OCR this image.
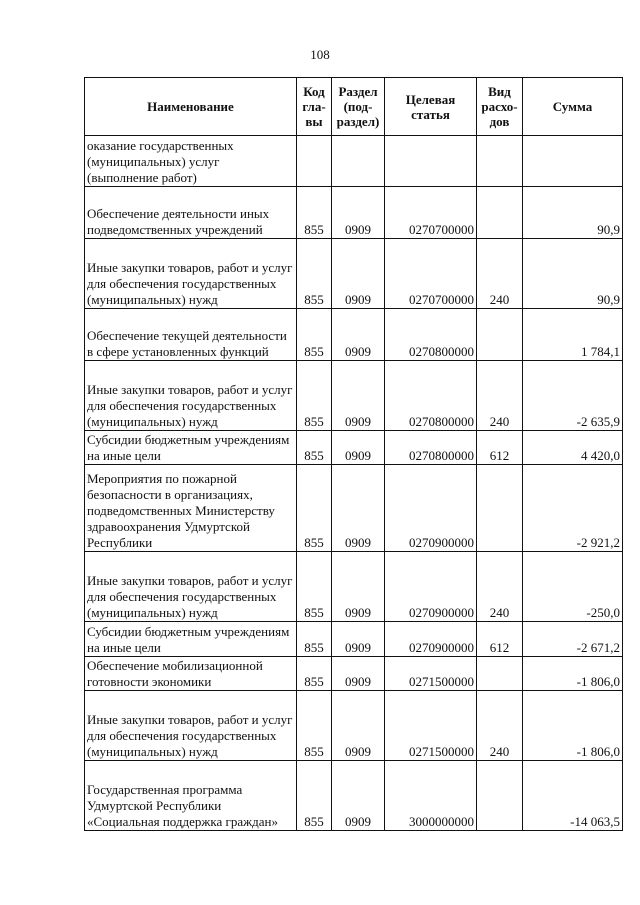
108
Наименование	Код гла- вы	Раздел (под- раздел)	Целевая статья	Вид расхо- дов	Сумма
оказание государственных (муниципальных) услуг (выполнение работ)					
Обеспечение деятельности иных подведомственных учреждений	855	0909	0270700000		90,9
Иные закупки товаров, работ и услуг для обеспечения государственных (муниципальных) нужд	855	0909	0270700000	240	90,9
Обеспечение текущей деятельности в сфере установленных функций	855	0909	0270800000		1 784,1
Иные закупки товаров, работ и услуг для обеспечения государственных (муниципальных) нужд	855	0909	0270800000	240	-2 635,9
Субсидии бюджетным учреждениям на иные цели	855	0909	0270800000	612	4 420,0
Мероприятия по пожарной безопасности в организациях, подведомственных Министерству здравоохранения Удмуртской Республики	855	0909	0270900000		-2 921,2
Иные закупки товаров, работ и услуг для обеспечения государственных (муниципальных) нужд	855	0909	0270900000	240	-250,0
Субсидии бюджетным учреждениям на иные цели	855	0909	0270900000	612	-2 671,2
Обеспечение мобилизационной готовности экономики	855	0909	0271500000		-1 806,0
Иные закупки товаров, работ и услуг для обеспечения государственных (муниципальных) нужд	855	0909	0271500000	240	-1 806,0
Государственная программа Удмуртской Республики «Социальная поддержка граждан»	855	0909	3000000000		-14 063,5
